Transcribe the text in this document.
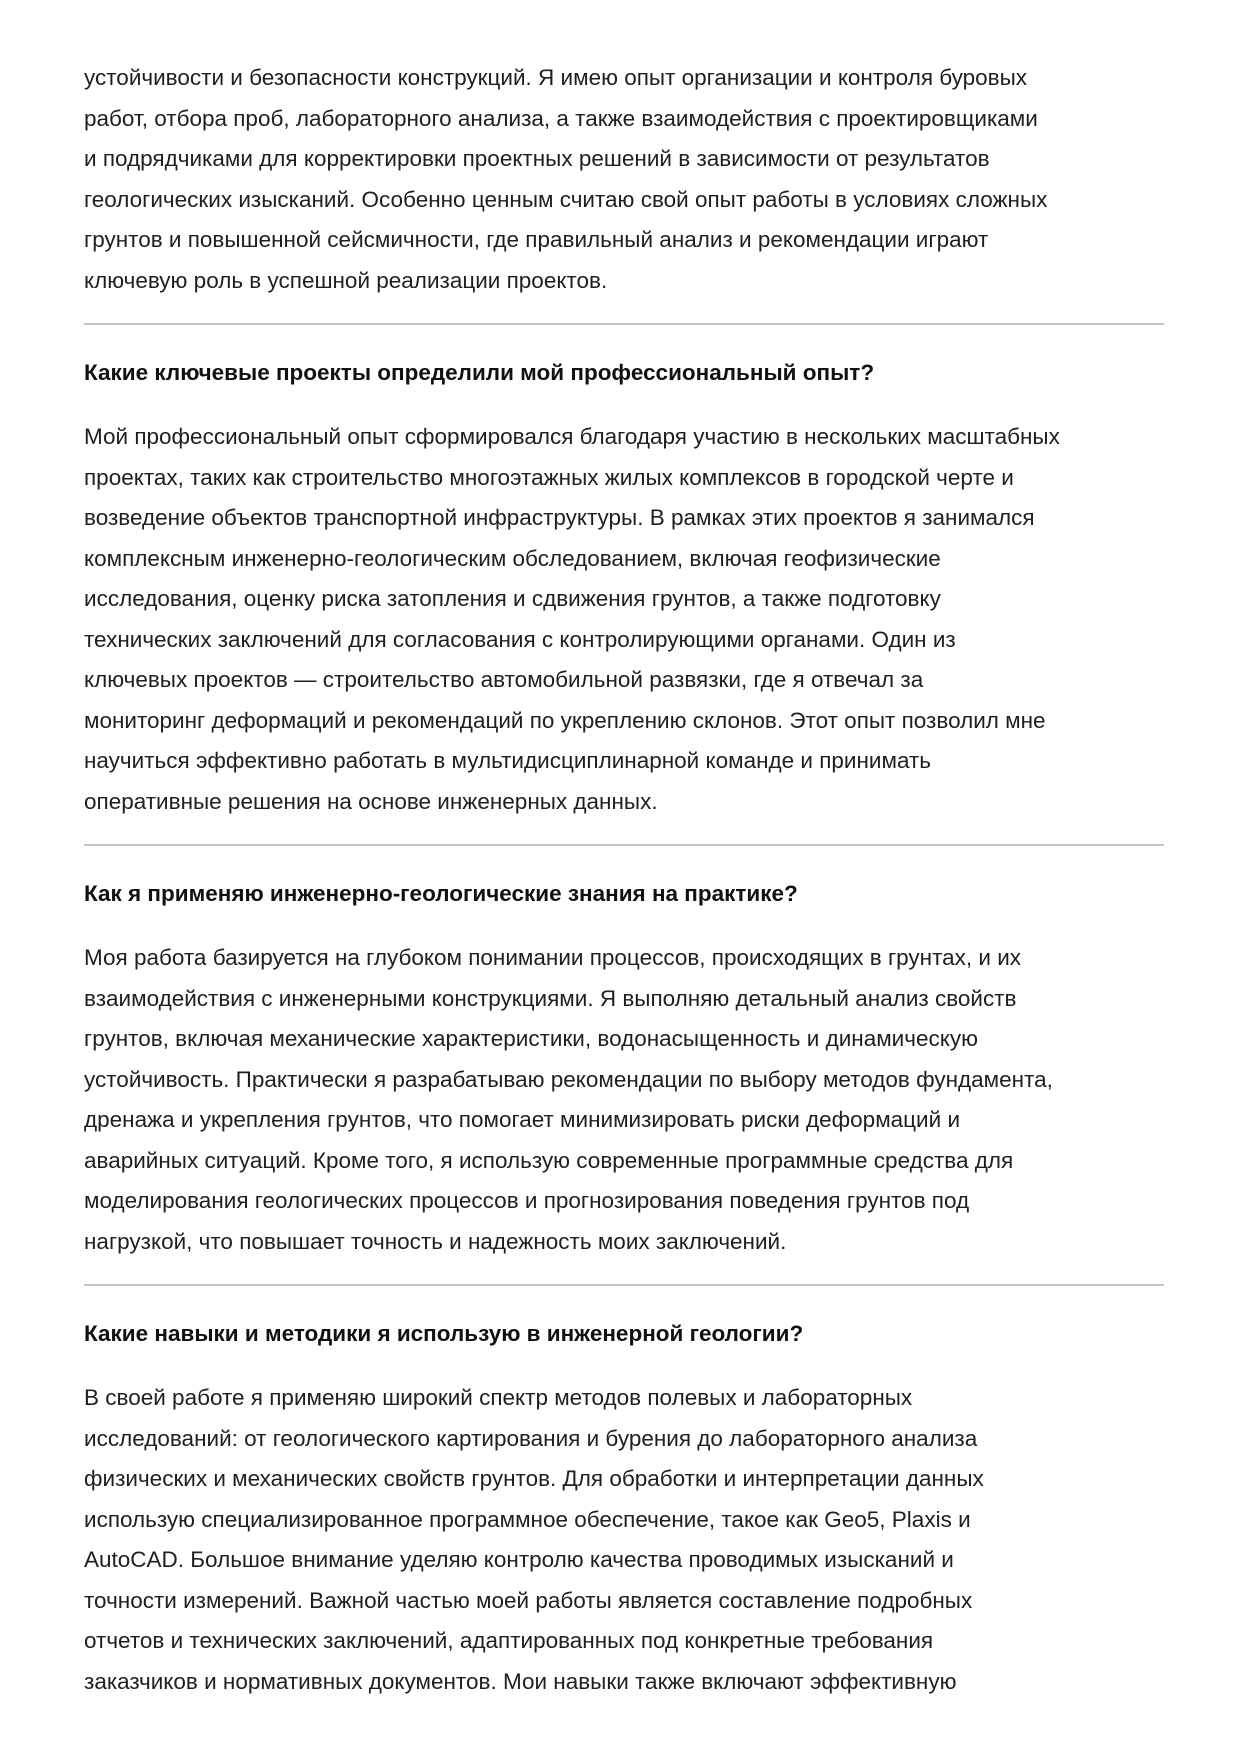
устойчивости и безопасности конструкций. Я имею опыт организации и контроля буровых
работ, отбора проб, лабораторного анализа, а также взаимодействия с проектировщиками
и подрядчиками для корректировки проектных решений в зависимости от результатов
геологических изысканий. Особенно ценным считаю свой опыт работы в условиях сложных
грунтов и повышенной сейсмичности, где правильный анализ и рекомендации играют
ключевую роль в успешной реализации проектов.

Какие ключевые проекты определили мой профессиональный опыт?

Мой профессиональный опыт сформировался благодаря участию в нескольких масштабных
проектах, таких как строительство многоэтажных жилых комплексов в городской черте и
возведение объектов транспортной инфраструктуры. В рамках этих проектов я занимался
комплексным инженерно-геологическим обследованием, включая геофизические
исследования, оценку риска затопления и сдвижения грунтов, а также подготовку
технических заключений для согласования с контролирующими органами. Один из
ключевых проектов — строительство автомобильной развязки, где я отвечал за
мониторинг деформаций и рекомендаций по укреплению склонов. Этот опыт позволил мне
научиться эффективно работать в мультидисциплинарной команде и принимать
оперативные решения на основе инженерных данных.

Как я применяю инженерно-геологические знания на практике?

Моя работа базируется на глубоком понимании процессов, происходящих в грунтах, и их
взаимодействия с инженерными конструкциями. Я выполняю детальный анализ свойств
грунтов, включая механические характеристики, водонасыщенность и динамическую
устойчивость. Практически я разрабатываю рекомендации по выбору методов фундамента,
дренажа и укрепления грунтов, что помогает минимизировать риски деформаций и
аварийных ситуаций. Кроме того, я использую современные программные средства для
моделирования геологических процессов и прогнозирования поведения грунтов под
нагрузкой, что повышает точность и надежность моих заключений.

Какие навыки и методики я использую в инженерной геологии?

В своей работе я применяю широкий спектр методов полевых и лабораторных
исследований: от геологического картирования и бурения до лабораторного анализа
физических и механических свойств грунтов. Для обработки и интерпретации данных
использую специализированное программное обеспечение, такое как Geo5, Plaxis и
AutoCAD. Большое внимание уделяю контролю качества проводимых изысканий и
точности измерений. Важной частью моей работы является составление подробных
отчетов и технических заключений, адаптированных под конкретные требования
заказчиков и нормативных документов. Мои навыки также включают эффективную
